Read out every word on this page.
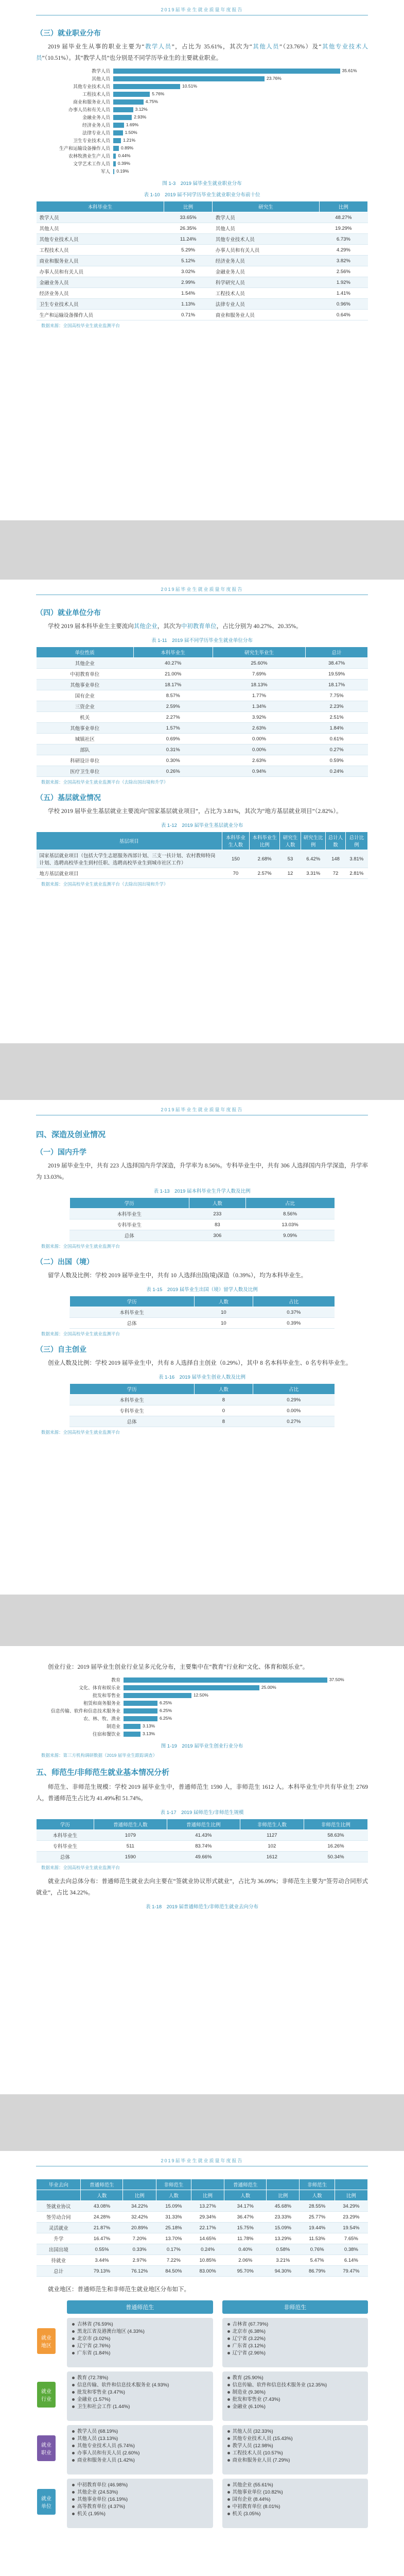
2019届毕业生就业质量年度报告
（三）就业职业分布

2019 届毕业生从事的职业主要为“教学人员”，占比为 35.61%，其次为“其他人员”（23.76%）及“其他专业技术人员”（10.51%）。其“教学人员”也分别是不同学历毕业生的主要就业职业。

教学人员	35.61%
其他人员	23.76%
其他专业技术人员	10.51%
工程技术人员	5.76%
商业和服务业人员	4.75%
办事人员和有关人员	3.12%
金融业务人员	2.93%
经济业务人员	1.69%
法律专业人员	1.50%
卫生专业技术人员	1.21%
生产和运输设备操作人员	0.89%
农林牧渔业生产人员	0.44%
文学艺术工作人员	0.39%
军人	0.19%
图 1-3　2019 届毕业生就业职业分布
表 1-10　2019 届不同学历毕业生就业职业分布前十位
本科毕业生	比例	研究生	比例
教学人员	33.65%	教学人员	48.27%
其他人员	26.35%	其他人员	19.29%
其他专业技术人员	11.24%	其他专业技术人员	6.73%
工程技术人员	5.29%	办事人员和有关人员	4.29%
商业和服务业人员	5.12%	经济业务人员	3.82%
办事人员和有关人员	3.02%	金融业务人员	2.56%
金融业务人员	2.99%	科学研究人员	1.92%
经济业务人员	1.54%	工程技术人员	1.41%
卫生专业技术人员	1.13%	法律专业人员	0.96%
生产和运输设备操作人员	0.71%	商业和服务业人员	0.64%
数据来源：全国高校毕业生就业监测平台
2019届毕业生就业质量年度报告
（四）就业单位分布

学校 2019 届本科毕业生主要流向其他企业，其次为中初教育单位，占比分别为 40.27%、20.35%。

表 1-11　2019 届不同学历毕业生就业单位分布
单位性质	本科毕业生	研究生毕业生	总计
其他企业	40.27%	25.60%	38.47%
中初教育单位	21.00%	7.69%	19.59%
其他事业单位	18.17%	18.13%	18.17%
国有企业	8.57%	1.77%	7.75%
三资企业	2.59%	1.34%	2.23%
机关	2.27%	3.92%	2.51%
其他事业单位	1.57%	2.63%	1.84%
城镇社区	0.69%	0.00%	0.61%
部队	0.31%	0.00%	0.27%
科研设计单位	0.30%	2.63%	0.59%
医疗卫生单位	0.26%	0.94%	0.24%
数据来源：全国高校毕业生就业监测平台（去除出国出境和升学）
（五）基层就业情况

学校 2019 届毕业生基层就业主要流向“国家基层就业项目”，占比为 3.81%，其次为“地方基层就业项目”（2.82%）。

表 1-12　2019 届毕业生基层就业分布
基层项目	本科毕业生人数	本科毕业生比例	研究生人数	研究生比例	总计人数	总计比例
国家基层就业项目（包括大学生志愿服务西部计划、三支一扶计划、农村教师特岗计划、选聘高校毕业生到村任职、选聘高校毕业生到城市社区工作）	150	2.68%	53	6.42%	148	3.81%
地方基层就业项目	70	2.57%	12	3.31%	72	2.81%
数据来源：全国高校毕业生就业监测平台（去除出国出境和升学）
2019届毕业生就业质量年度报告
四、深造及创业情况
（一）国内升学

2019 届毕业生中，共有 223 人选择国内升学深造，升学率为 8.56%。专科毕业生中，共有 306 人选择国内升学深造，升学率为 13.03%。

表 1-13　2019 届本科毕业生升学人数及比例
学历	人数	占比
本科毕业生	233	8.56%
专科毕业生	83	13.03%
总体	306	9.09%
数据来源：全国高校毕业生就业监测平台
（二）出国（境）

留学人数及比例：学校 2019 届毕业生中，共有 10 人选择出国(境)深造（0.39%），均为本科毕业生。

表 1-15　2019 届毕业生出国（境）留学人数及比例
学历	人数	占比
本科毕业生	10	0.37%
总体	10	0.39%
数据来源：全国高校毕业生就业监测平台
（三）自主创业

创业人数及比例：学校 2019 届毕业生中，共有 8 人选择自主创业（0.29%），其中 8 名本科毕业生、0 名专科毕业生。

表 1-16　2019 届毕业生创业人数及比例
学历	人数	占比
本科毕业生	8	0.29%
专科毕业生	0	0.00%
总体	8	0.27%
数据来源：全国高校毕业生就业监测平台

创业行业：2019 届毕业生创业行业呈多元化分布，主要集中在“教育”行业和“文化、体育和娱乐业”。

教育	37.50%
文化、体育和娱乐业	25.00%
批发和零售业	12.50%
租赁和商务服务业	6.25%
信息传输、软件和信息技术服务业	6.25%
农、林、牧、渔业	6.25%
制造业	3.13%
住宿和餐饮业	3.13%
图 1-19　2019 届毕业生创业行业分布
数据来源：第三方机构调研数据（2019 届毕业生跟踪调查）
五、师范生/非师范生就业基本情况分析

师范生、非师范生规模：学校 2019 届毕业生中，普通师范生 1590 人，非师范生 1612 人。本科毕业生中共有毕业生 2769 人，普通师范生占比为 41.49%和 51.74%。

表 1-17　2019 届师范生/非师范生规模
学历	普通师范生人数	普通师范生比例	非师范生人数	非师范生比例
本科毕业生	1079	41.43%	1127	58.63%
专科毕业生	511	83.74%	102	16.26%
总体	1590	49.66%	1612	50.34%
数据来源：全国高校毕业生就业监测平台

就业去向总体分布：普通师范生就业去向主要在“签就业协议形式就业”，占比为 36.09%；非师范生主要为“签劳动合同形式就业”，占比 34.22%。

表 1-18　2019 届普通师范生/非师范生就业去向分布
2019届毕业生就业质量年度报告
毕业去向	普通师范生		非师范生		普通师范生		非师范生	
	人数	比例	人数	比例	人数	比例	人数	比例
签就业协议	43.08%	34.22%	15.09%	13.27%	34.17%	45.68%	28.55%	34.29%
签劳动合同	24.28%	32.42%	31.33%	29.34%	36.47%	23.33%	25.77%	23.29%
灵活就业	21.87%	20.89%	25.18%	22.17%	15.75%	15.09%	19.44%	19.54%
升学	16.47%	7.20%	13.70%	14.65%	11.78%	13.29%	11.53%	7.65%
出国出境	0.55%	0.33%	0.17%	0.24%	0.40%	0.58%	0.76%	0.38%
待就业	3.44%	2.97%	7.22%	10.85%	2.06%	3.21%	5.47%	6.14%
总计	79.13%	76.12%	84.50%	83.00%	95.70%	94.30%	86.79%	79.47%

就业地区：普通师范生和非师范生就业地区分布如下。

普通师范生	非师范生
就业地区
吉林省 (76.59%)
黑龙江省及港澳台地区 (4.33%)
北京市 (3.02%)
辽宁省 (2.76%)
广东省 (1.84%)
吉林省 (67.79%)
北京市 (6.38%)
辽宁省 (3.22%)
广东省 (3.12%)
辽宁省 (2.96%)
就业行业
教育 (72.78%)
信息传输、软件和信息技术服务业 (4.93%)
批发和零售业 (3.47%)
金融业 (1.57%)
卫生和社会工作 (1.44%)
教育 (25.90%)
信息传输、软件和信息技术服务业 (12.35%)
制造业 (9.36%)
批发和零售业 (7.43%)
金融业 (6.10%)
就业职业
教学人员 (68.19%)
其他人员 (13.13%)
其他专业技术人员 (5.74%)
办事人员和有关人员 (2.60%)
商业和服务业人员 (1.42%)
其他人员 (32.33%)
其他专业技术人员 (15.43%)
教学人员 (12.98%)
工程技术人员 (10.57%)
商业和服务业人员 (7.29%)
就业单位
中初教育单位 (46.98%)
其他企业 (24.53%)
其他事业单位 (16.19%)
高等教育单位 (4.37%)
机关 (1.95%)
其他企业 (55.61%)
其他事业单位 (10.82%)
国有企业 (8.44%)
中初教育单位 (8.01%)
机关 (3.05%)
